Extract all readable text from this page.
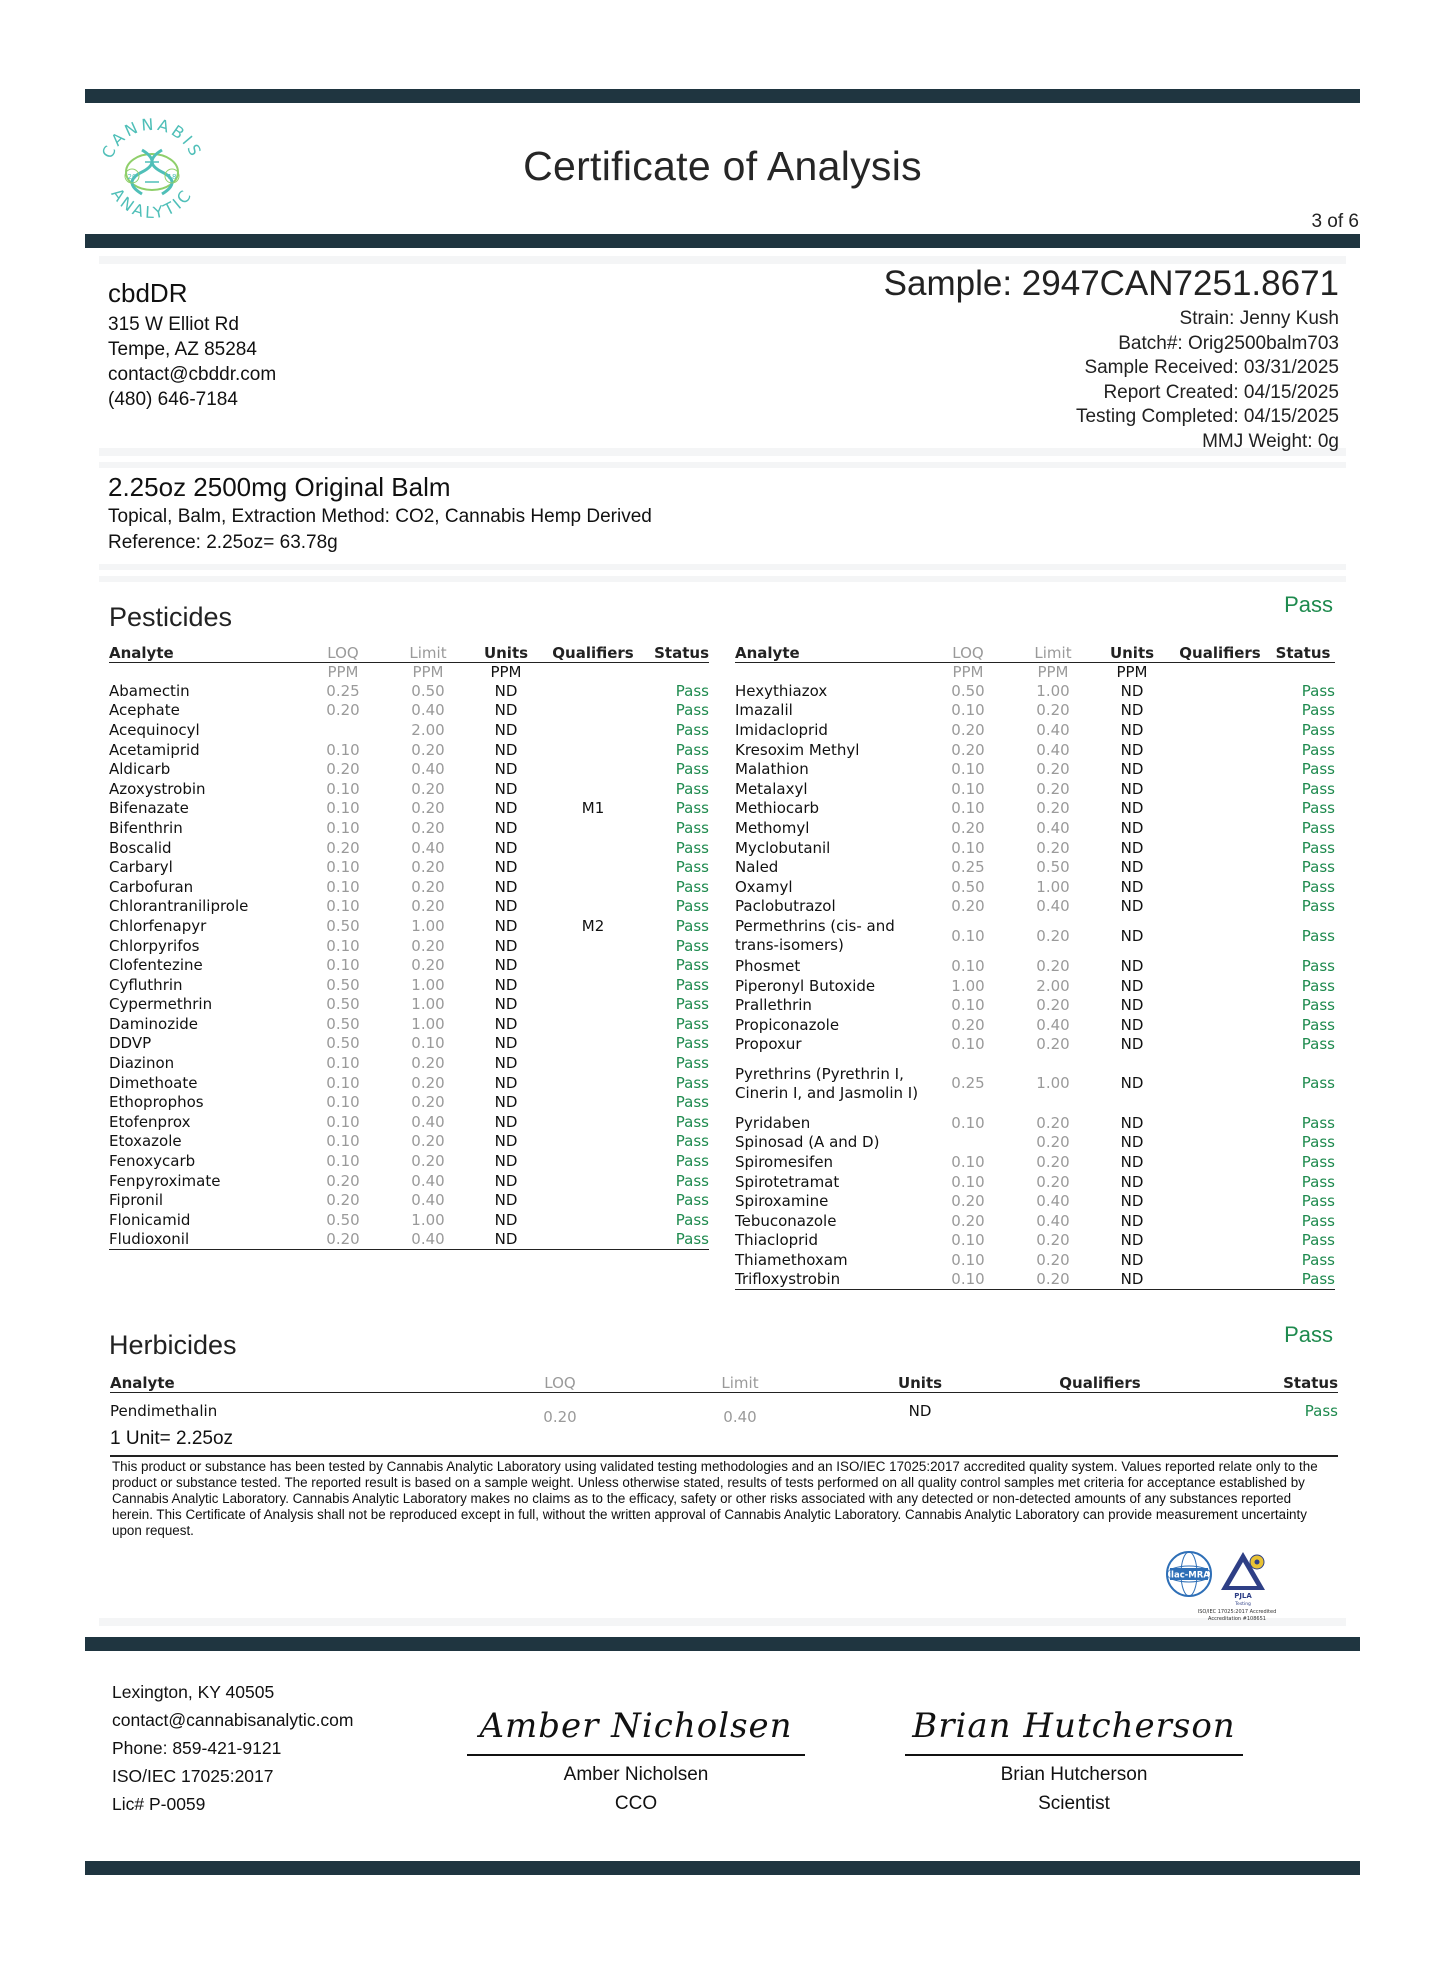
CANNABIS
ANALYTIC
20	18	Certificate of Analysis
3 of 6
cbdDR
315 W Elliot Rd
Tempe, AZ 85284
contact@cbddr.com
(480) 646-7184
Sample: 2947CAN7251.8671
Strain: Jenny Kush
Batch#: Orig2500balm703
Sample Received: 03/31/2025
Report Created: 04/15/2025
Testing Completed: 04/15/2025
MMJ Weight: 0g
2.25oz 2500mg Original Balm
Topical, Balm, Extraction Method: CO2, Cannabis Hemp Derived
Reference: 2.25oz= 63.78g
Pesticides	Pass
Analyte	LOQ	Limit	Units	Qualifiers	Status
	PPM	PPM	PPM		
Abamectin	0.25	0.50	ND		Pass
Acephate	0.20	0.40	ND		Pass
Acequinocyl		2.00	ND		Pass
Acetamiprid	0.10	0.20	ND		Pass
Aldicarb	0.20	0.40	ND		Pass
Azoxystrobin	0.10	0.20	ND		Pass
Bifenazate	0.10	0.20	ND	M1	Pass
Bifenthrin	0.10	0.20	ND		Pass
Boscalid	0.20	0.40	ND		Pass
Carbaryl	0.10	0.20	ND		Pass
Carbofuran	0.10	0.20	ND		Pass
Chlorantraniliprole	0.10	0.20	ND		Pass
Chlorfenapyr	0.50	1.00	ND	M2	Pass
Chlorpyrifos	0.10	0.20	ND		Pass
Clofentezine	0.10	0.20	ND		Pass
Cyfluthrin	0.50	1.00	ND		Pass
Cypermethrin	0.50	1.00	ND		Pass
Daminozide	0.50	1.00	ND		Pass
DDVP	0.50	0.10	ND		Pass
Diazinon	0.10	0.20	ND		Pass
Dimethoate	0.10	0.20	ND		Pass
Ethoprophos	0.10	0.20	ND		Pass
Etofenprox	0.10	0.40	ND		Pass
Etoxazole	0.10	0.20	ND		Pass
Fenoxycarb	0.10	0.20	ND		Pass
Fenpyroximate	0.20	0.40	ND		Pass
Fipronil	0.20	0.40	ND		Pass
Flonicamid	0.50	1.00	ND		Pass
Fludioxonil	0.20	0.40	ND		Pass
Analyte	LOQ	Limit	Units	Qualifiers	Status
	PPM	PPM	PPM		
Hexythiazox	0.50	1.00	ND		Pass
Imazalil	0.10	0.20	ND		Pass
Imidacloprid	0.20	0.40	ND		Pass
Kresoxim Methyl	0.20	0.40	ND		Pass
Malathion	0.10	0.20	ND		Pass
Metalaxyl	0.10	0.20	ND		Pass
Methiocarb	0.10	0.20	ND		Pass
Methomyl	0.20	0.40	ND		Pass
Myclobutanil	0.10	0.20	ND		Pass
Naled	0.25	0.50	ND		Pass
Oxamyl	0.50	1.00	ND		Pass
Paclobutrazol	0.20	0.40	ND		Pass
Permethrins (cis- and trans-isomers)	0.10	0.20	ND		Pass
Phosmet	0.10	0.20	ND		Pass
Piperonyl Butoxide	1.00	2.00	ND		Pass
Prallethrin	0.10	0.20	ND		Pass
Propiconazole	0.20	0.40	ND		Pass
Propoxur	0.10	0.20	ND		Pass
Pyrethrins (Pyrethrin I, Cinerin I, and Jasmolin I)	0.25	1.00	ND		Pass
Pyridaben	0.10	0.20	ND		Pass
Spinosad (A and D)		0.20	ND		Pass
Spiromesifen	0.10	0.20	ND		Pass
Spirotetramat	0.10	0.20	ND		Pass
Spiroxamine	0.20	0.40	ND		Pass
Tebuconazole	0.20	0.40	ND		Pass
Thiacloprid	0.10	0.20	ND		Pass
Thiamethoxam	0.10	0.20	ND		Pass
Trifloxystrobin	0.10	0.20	ND		Pass
Herbicides	Pass
Analyte	LOQ	Limit	Units	Qualifiers	Status
Pendimethalin	0.20	0.40	ND		Pass
1 Unit= 2.25oz
This product or substance has been tested by Cannabis Analytic Laboratory using validated testing methodologies and an ISO/IEC 17025:2017 accredited quality system. Values reported relate only to the product or substance tested. The reported result is based on a sample weight. Unless otherwise stated, results of tests performed on all quality control samples met criteria for acceptance established by Cannabis Analytic Laboratory. Cannabis Analytic Laboratory makes no claims as to the efficacy, safety or other risks associated with any detected or non-detected amounts of any substances reported herein. This Certificate of Analysis shall not be reproduced except in full, without the written approval of Cannabis Analytic Laboratory. Cannabis Analytic Laboratory can provide measurement uncertainty upon request.
ilac-MRA
PJLA
Testing
ISO/IEC 17025:2017 Accredited
Accreditation #108651
Lexington, KY 40505
contact@cannabisanalytic.com
Phone: 859-421-9121
ISO/IEC 17025:2017
Lic# P-0059
Amber Nicholsen
Amber Nicholsen
CCO
Brian Hutcherson
Brian Hutcherson
Scientist
